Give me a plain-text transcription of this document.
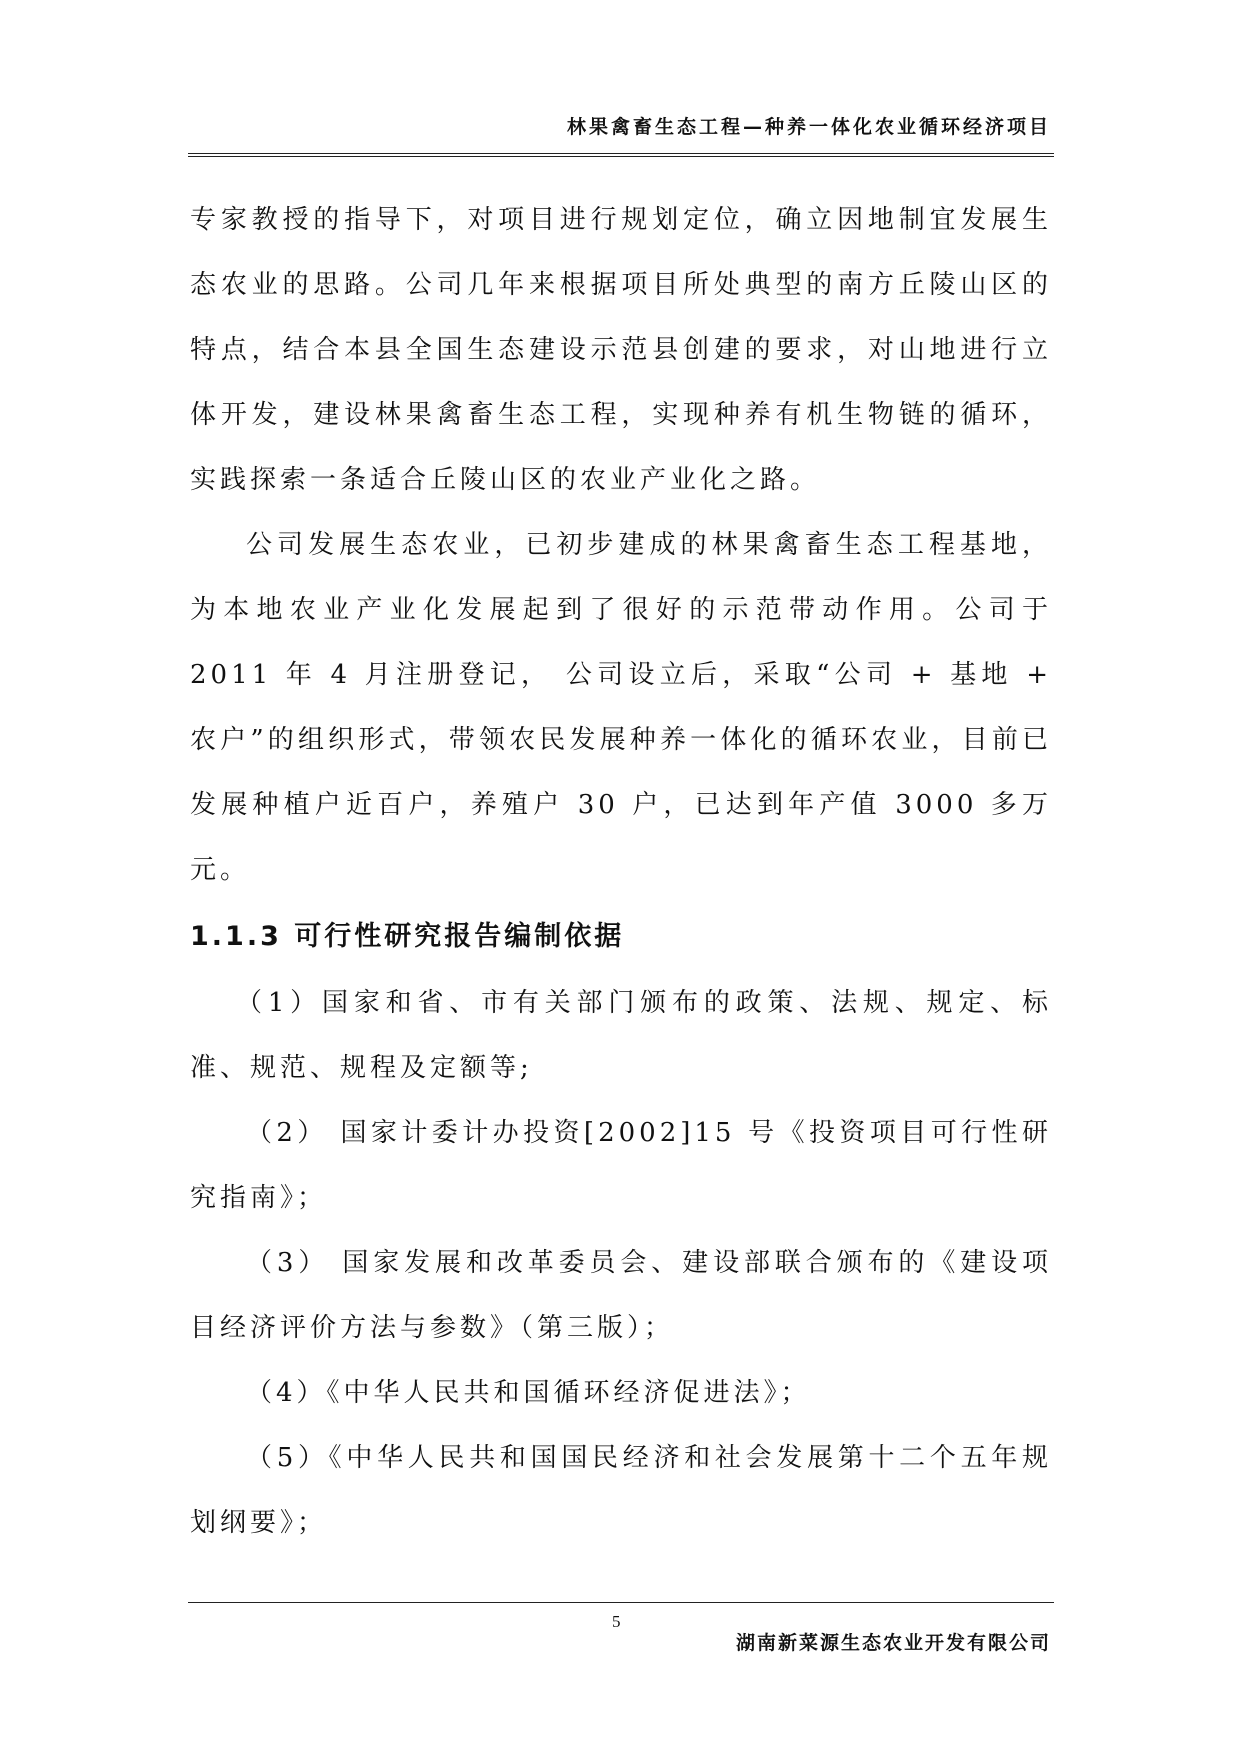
林果禽畜生态工程—种养一体化农业循环经济项目

专家教授的指导下，对项目进行规划定位，确立因地制宜发展生态农业的思路。公司几年来根据项目所处典型的南方丘陵山区的特点，结合本县全国生态建设示范县创建的要求，对山地进行立体开发，建设林果禽畜生态工程，实现种养有机生物链的循环，实践探索一条适合丘陵山区的农业产业化之路。

公司发展生态农业，已初步建成的林果禽畜生态工程基地，为本地农业产业化发展起到了很好的示范带动作用。公司于 2011 年 4 月注册登记， 公司设立后，采取“公司 + 基地 + 农户”的组织形式，带领农民发展种养一体化的循环农业，目前已发展种植户近百户，养殖户 30 户，已达到年产值 3000 多万元。

1.1.3 可行性研究报告编制依据

（1）国家和省、市有关部门颁布的政策、法规、规定、标准、规范、规程及定额等;

（2） 国家计委计办投资[2002]15 号《投资项目可行性研究指南》；

（3） 国家发展和改革委员会、建设部联合颁布的《建设项目经济评价方法与参数》（第三版）；

（4）《中华人民共和国循环经济促进法》；

（5）《中华人民共和国国民经济和社会发展第十二个五年规划纲要》；

5
湖南新菜源生态农业开发有限公司
